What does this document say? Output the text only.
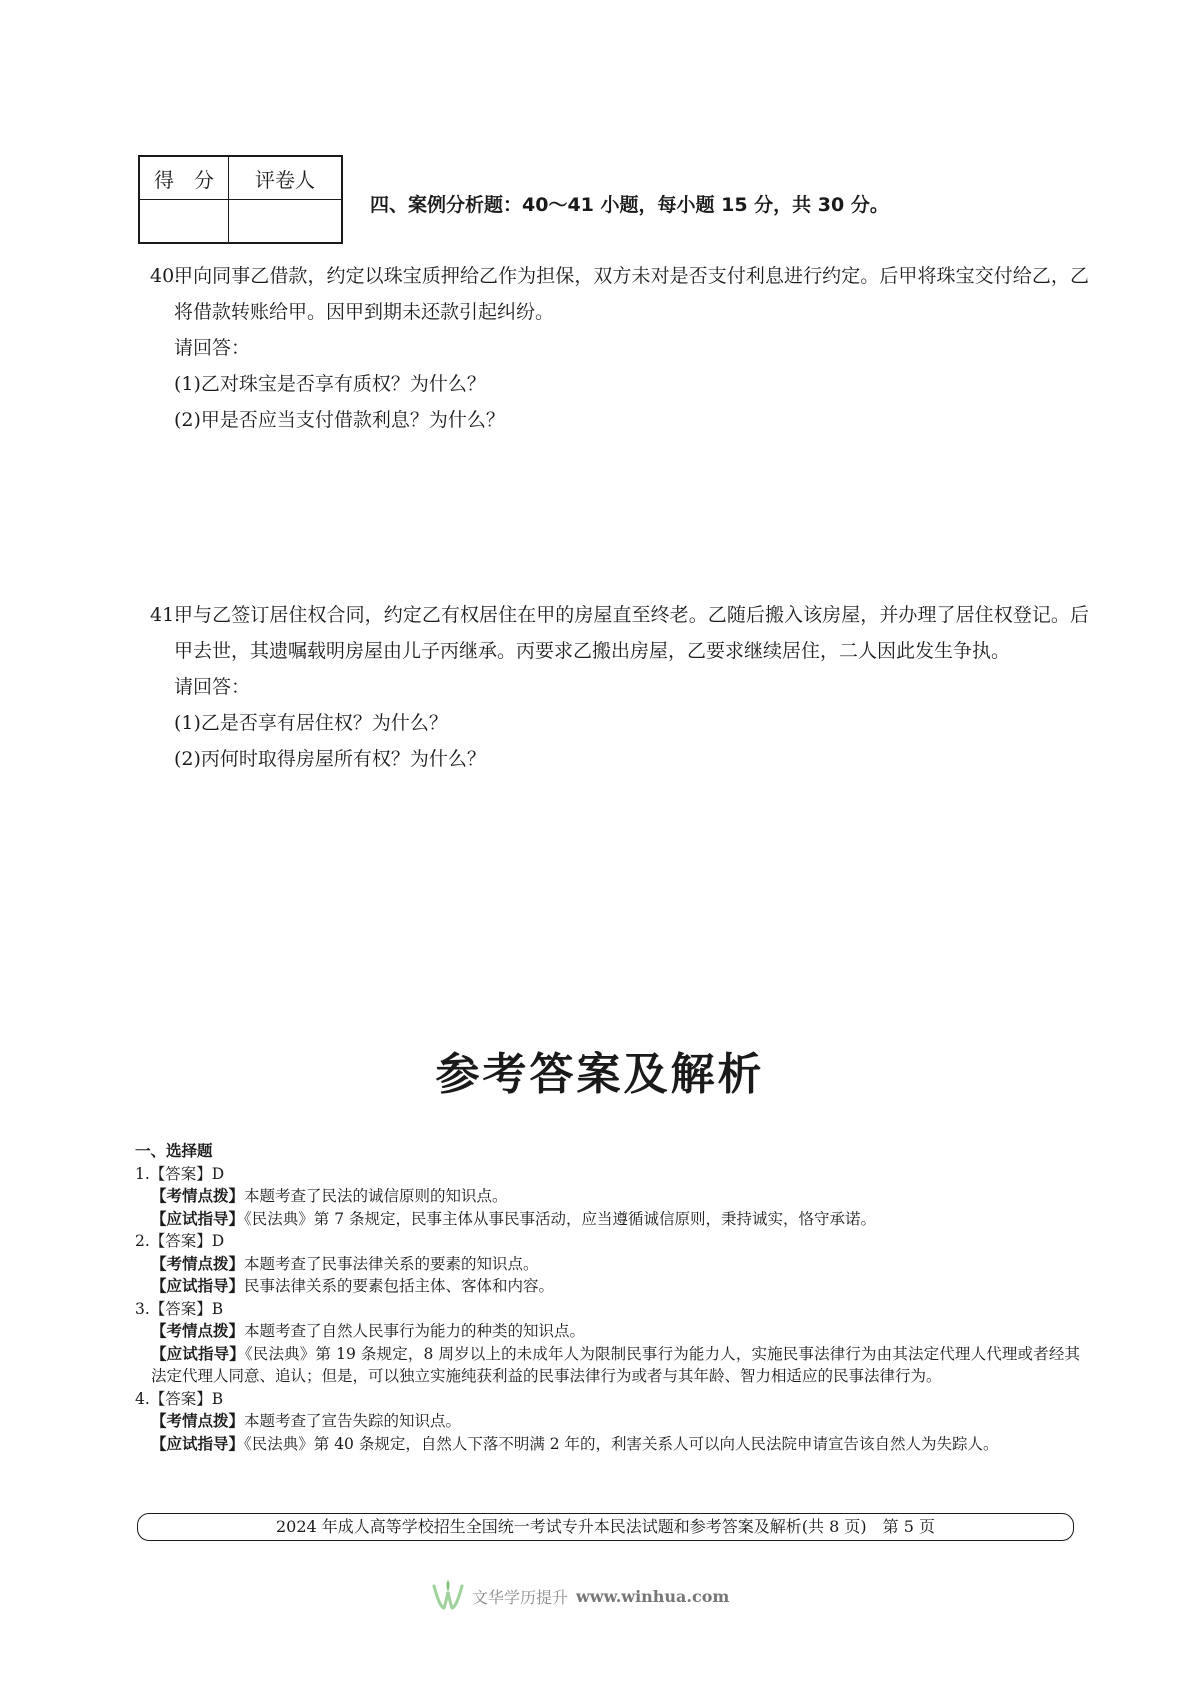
得　分	评卷人

四、案例分析题：40～41 小题，每小题 15 分，共 30 分。
40.
甲向同事乙借款，约定以珠宝质押给乙作为担保，双方未对是否支付利息进行约定。后甲将珠宝交付给乙，乙将借款转账给甲。因甲到期未还款引起纠纷。
请回答：
(1)乙对珠宝是否享有质权？为什么？
(2)甲是否应当支付借款利息？为什么？
41.
甲与乙签订居住权合同，约定乙有权居住在甲的房屋直至终老。乙随后搬入该房屋，并办理了居住权登记。后甲去世，其遗嘱载明房屋由儿子丙继承。丙要求乙搬出房屋，乙要求继续居住，二人因此发生争执。
请回答：
(1)乙是否享有居住权？为什么？
(2)丙何时取得房屋所有权？为什么？
参考答案及解析
一、选择题
1.【答案】D
【考情点拨】本题考查了民法的诚信原则的知识点。
【应试指导】《民法典》第 7 条规定，民事主体从事民事活动，应当遵循诚信原则，秉持诚实，恪守承诺。
2.【答案】D
【考情点拨】本题考查了民事法律关系的要素的知识点。
【应试指导】民事法律关系的要素包括主体、客体和内容。
3.【答案】B
【考情点拨】本题考查了自然人民事行为能力的种类的知识点。
【应试指导】《民法典》第 19 条规定，8 周岁以上的未成年人为限制民事行为能力人，实施民事法律行为由其法定代理人代理或者经其法定代理人同意、追认；但是，可以独立实施纯获利益的民事法律行为或者与其年龄、智力相适应的民事法律行为。
4.【答案】B
【考情点拨】本题考查了宣告失踪的知识点。
【应试指导】《民法典》第 40 条规定，自然人下落不明满 2 年的，利害关系人可以向人民法院申请宣告该自然人为失踪人。
2024 年成人高等学校招生全国统一考试专升本民法试题和参考答案及解析(共 8 页)　第 5 页
文华学历提升 www.winhua.com
